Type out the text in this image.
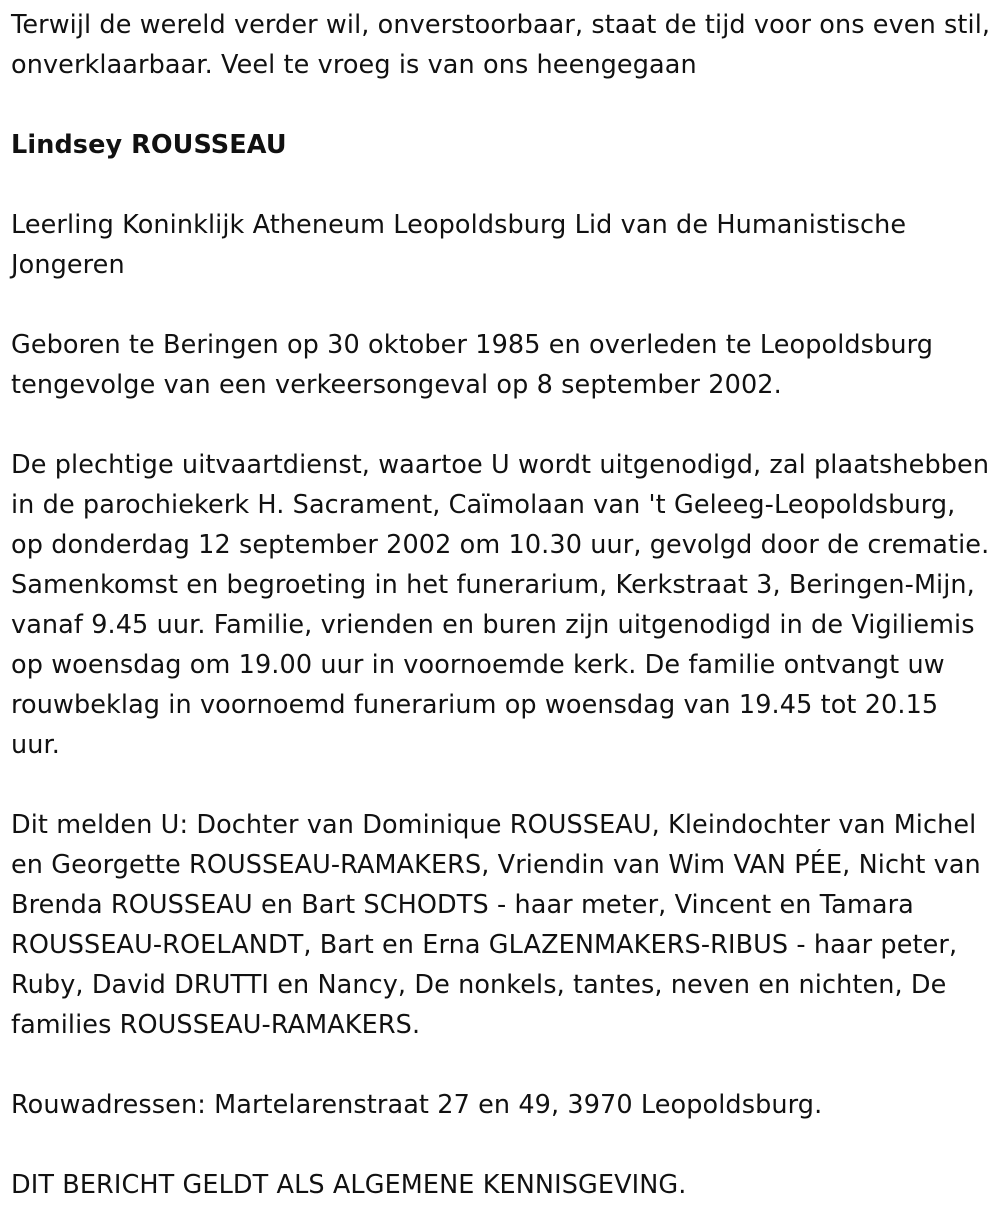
Terwijl de wereld verder wil, onverstoorbaar, staat de tijd voor ons even stil, onverklaarbaar. Veel te vroeg is van ons heengegaan

Lindsey ROUSSEAU

Leerling Koninklijk Atheneum Leopoldsburg Lid van de Humanistische Jongeren

Geboren te Beringen op 30 oktober 1985 en overleden te Leopoldsburg tengevolge van een verkeersongeval op 8 september 2002.

De plechtige uitvaartdienst, waartoe U wordt uitgenodigd, zal plaatshebben in de parochiekerk H. Sacrament, Caïmolaan van 't Geleeg-Leopoldsburg, op donderdag 12 september 2002 om 10.30 uur, gevolgd door de crematie. Samenkomst en begroeting in het funerarium, Kerkstraat 3, Beringen-Mijn, vanaf 9.45 uur. Familie, vrienden en buren zijn uitgenodigd in de Vigiliemis op woensdag om 19.00 uur in voornoemde kerk. De familie ontvangt uw rouwbeklag in voornoemd funerarium op woensdag van 19.45 tot 20.15 uur.

Dit melden U: Dochter van Dominique ROUSSEAU, Kleindochter van Michel en Georgette ROUSSEAU-RAMAKERS, Vriendin van Wim VAN PÉE, Nicht van Brenda ROUSSEAU en Bart SCHODTS - haar meter, Vincent en Tamara ROUSSEAU-ROELANDT, Bart en Erna GLAZENMAKERS-RIBUS - haar peter, Ruby, David DRUTTI en Nancy, De nonkels, tantes, neven en nichten, De families ROUSSEAU-RAMAKERS.

Rouwadressen: Martelarenstraat 27 en 49, 3970 Leopoldsburg.

DIT BERICHT GELDT ALS ALGEMENE KENNISGEVING.
